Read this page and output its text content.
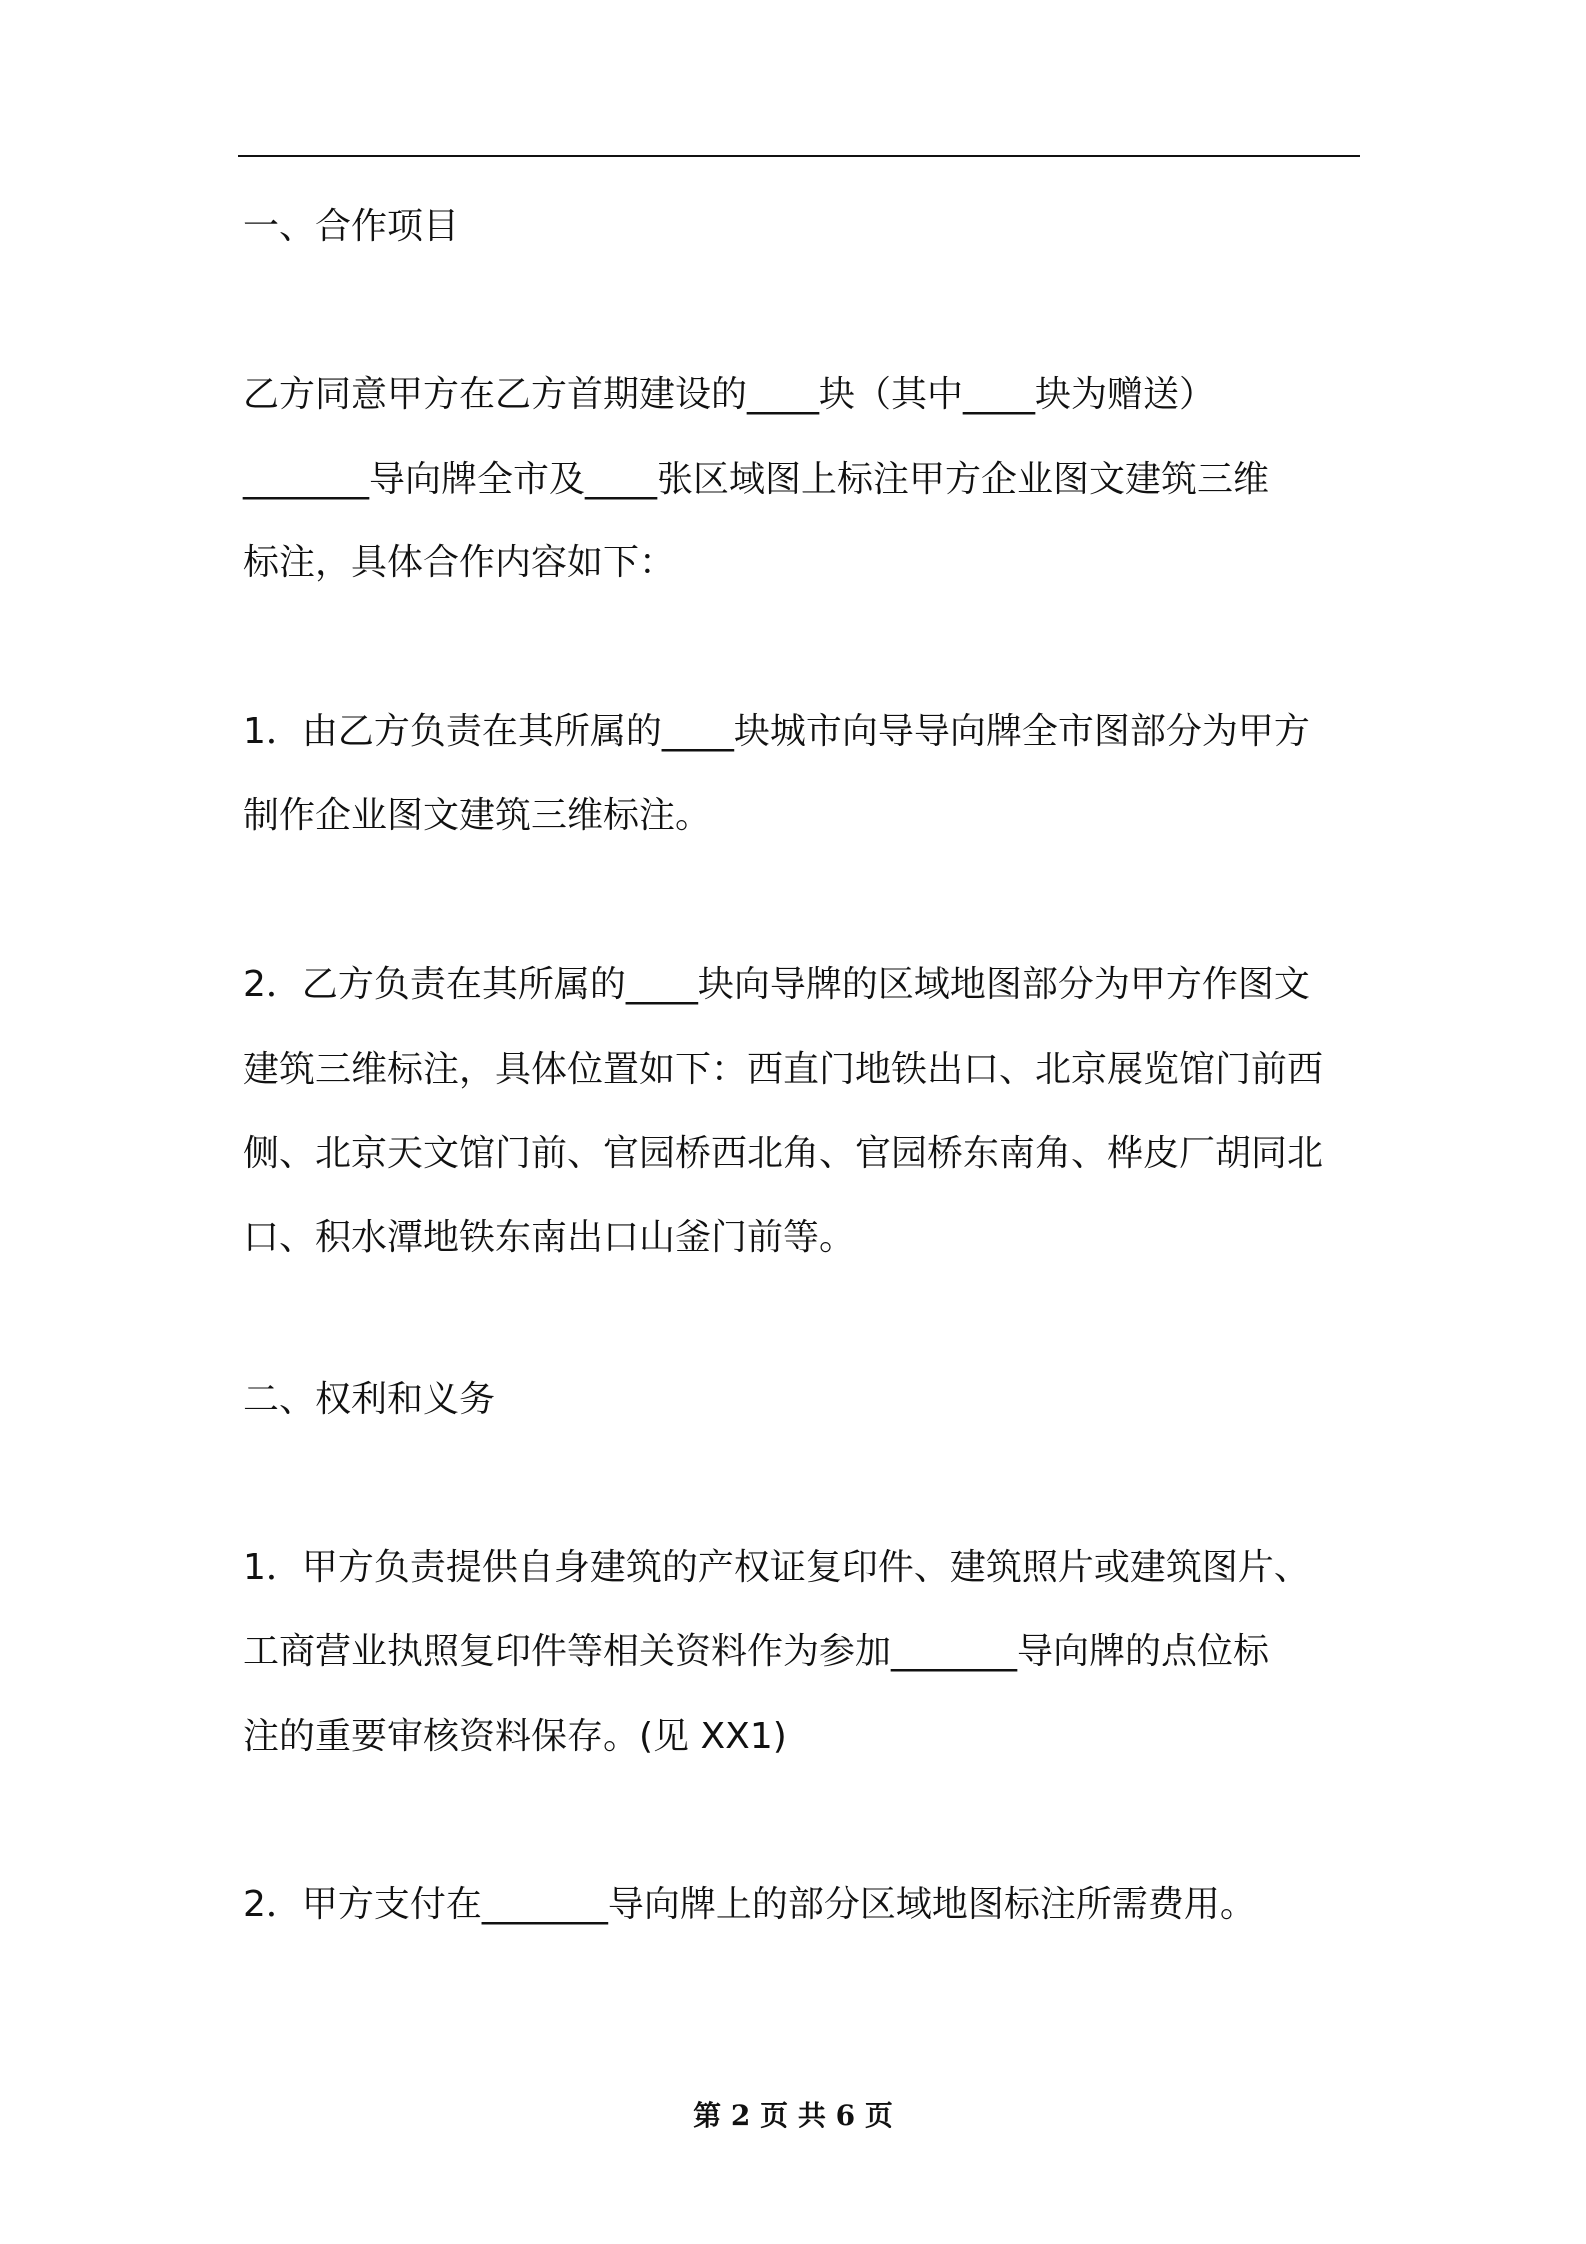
一、合作项目
乙方同意甲方在乙方首期建设的____块（其中____块为赠送）
_______导向牌全市及____张区域图上标注甲方企业图文建筑三维
标注，具体合作内容如下：
1．由乙方负责在其所属的____块城市向导导向牌全市图部分为甲方
制作企业图文建筑三维标注。
2．乙方负责在其所属的____块向导牌的区域地图部分为甲方作图文
建筑三维标注，具体位置如下：西直门地铁出口、北京展览馆门前西
侧、北京天文馆门前、官园桥西北角、官园桥东南角、桦皮厂胡同北
口、积水潭地铁东南出口山釜门前等。
二、权利和义务
1．甲方负责提供自身建筑的产权证复印件、建筑照片或建筑图片、
工商营业执照复印件等相关资料作为参加_______导向牌的点位标
注的重要审核资料保存。(见 XX1)
2．甲方支付在_______导向牌上的部分区域地图标注所需费用。
第 2 页 共 6 页
